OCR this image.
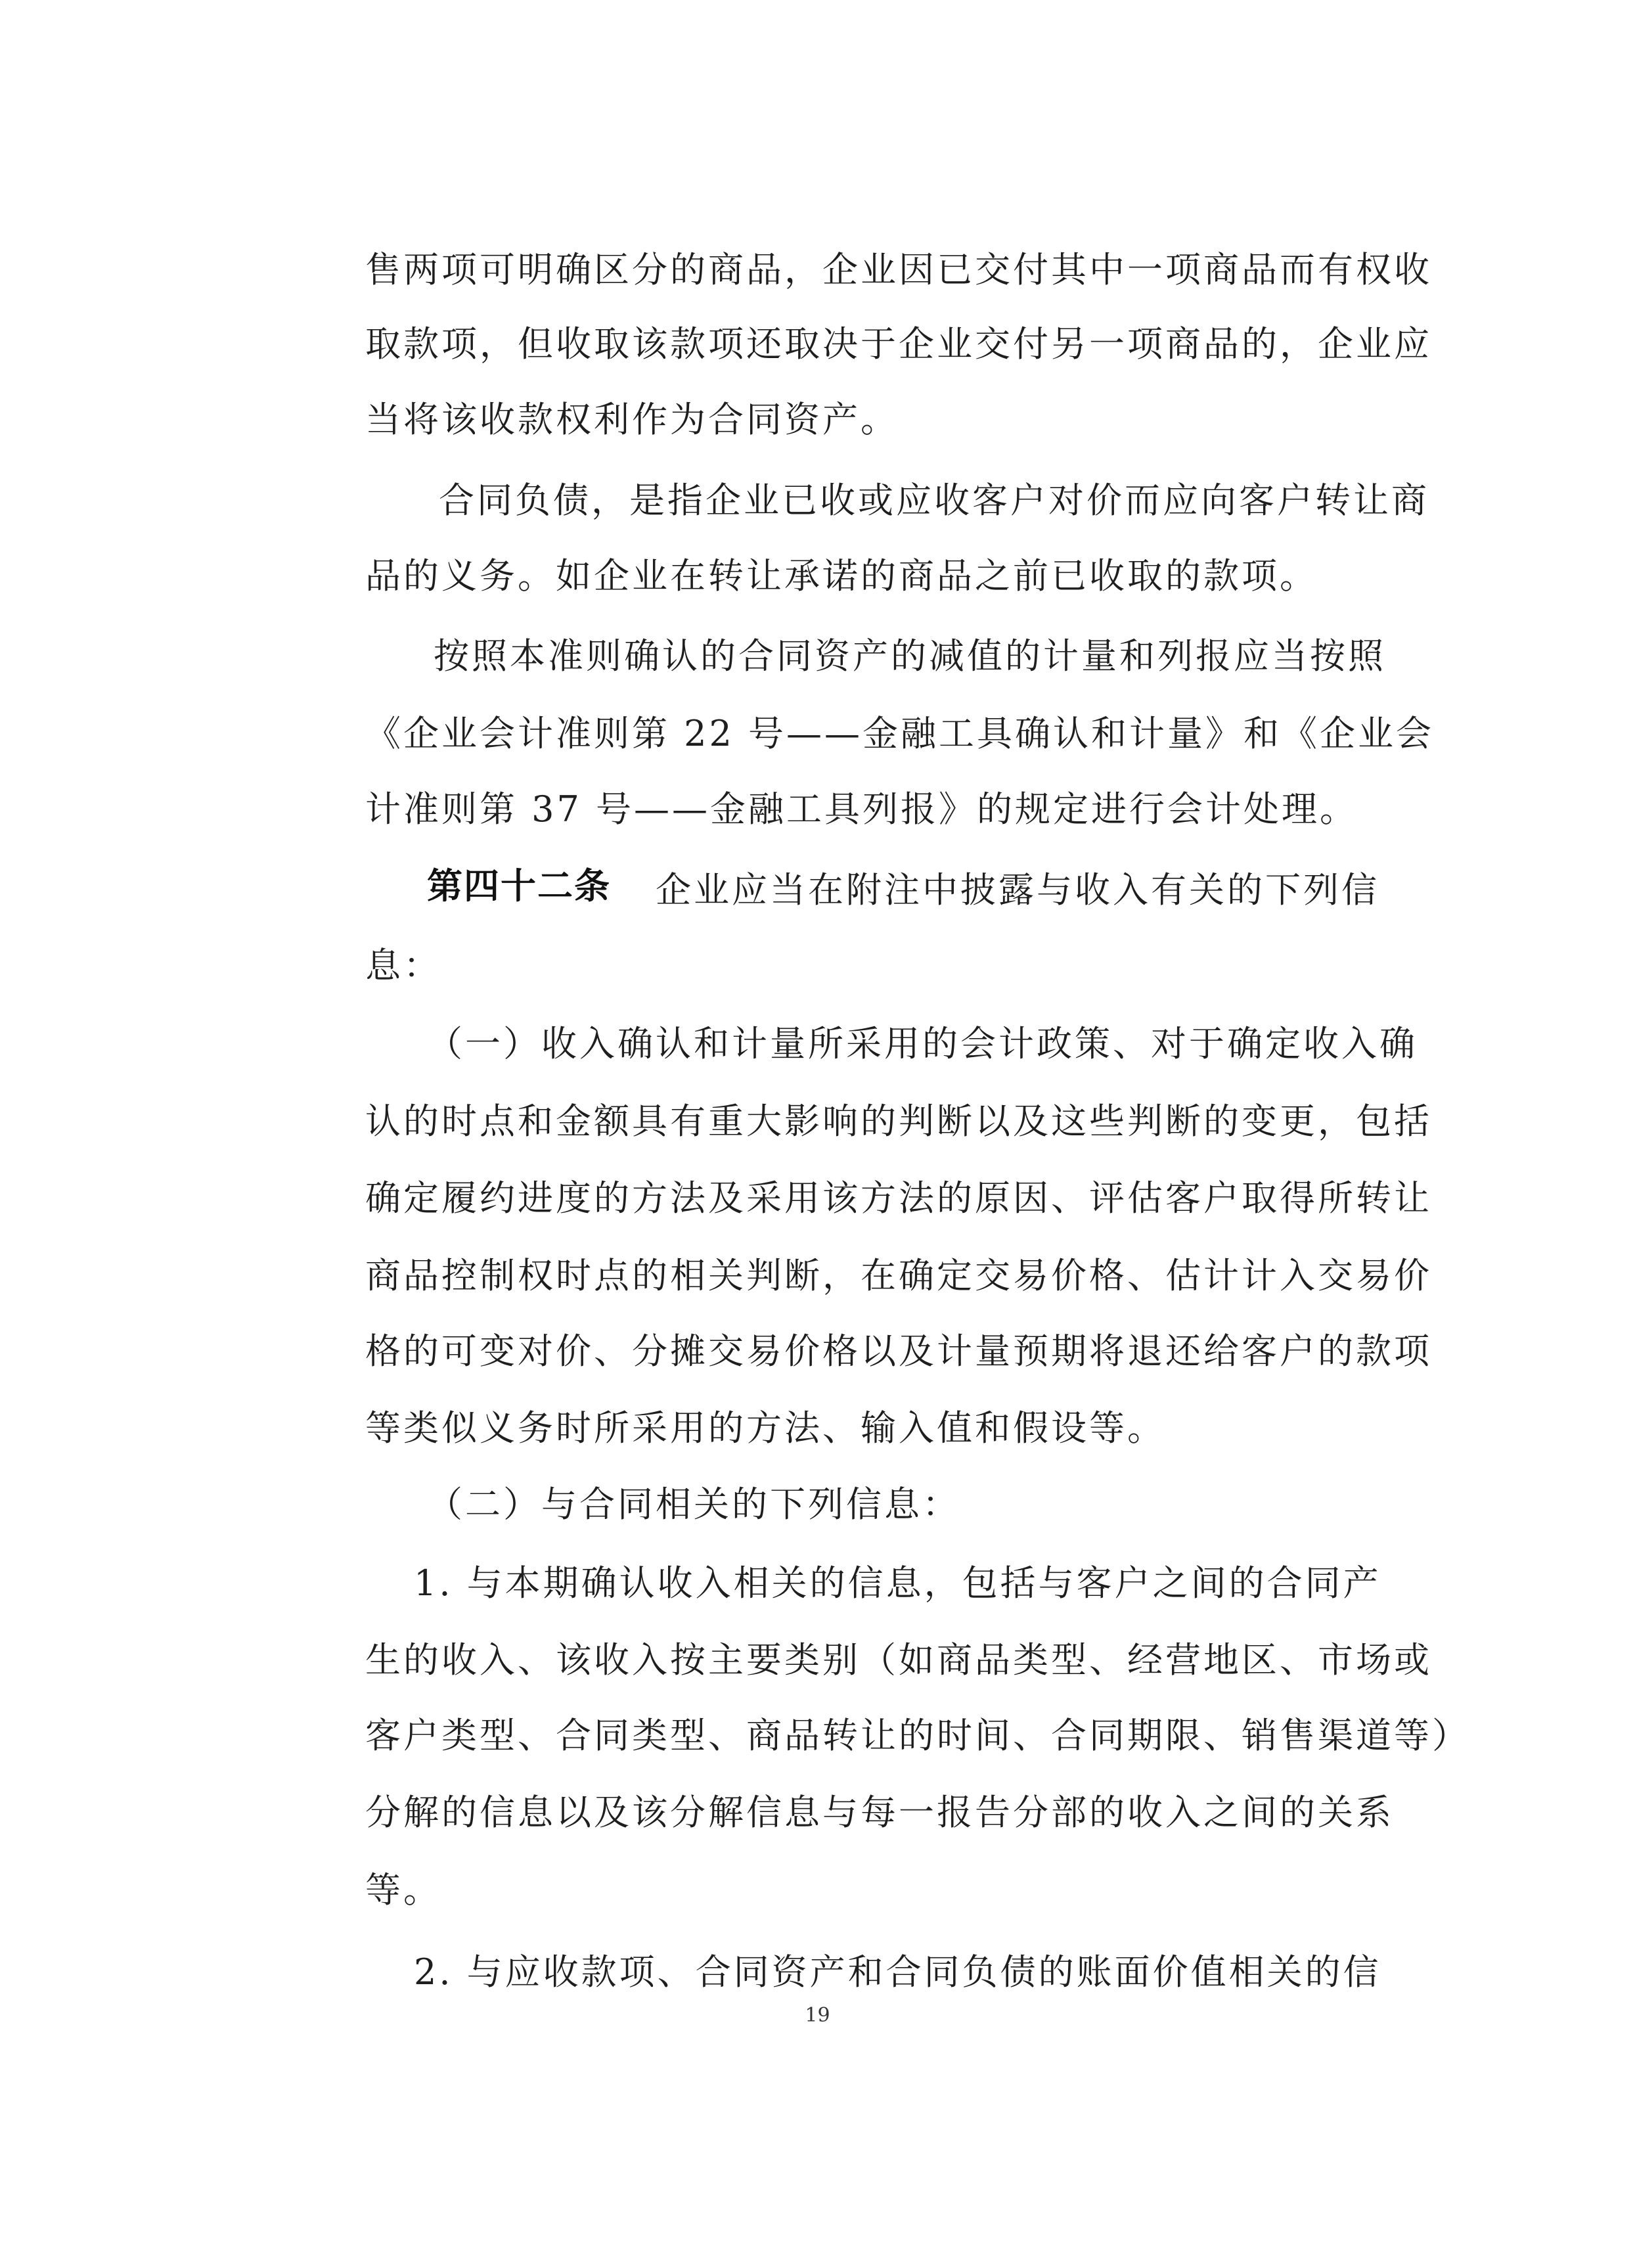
售两项可明确区分的商品，企业因已交付其中一项商品而有权收
取款项，但收取该款项还取决于企业交付另一项商品的，企业应
当将该收款权利作为合同资产。
合同负债，是指企业已收或应收客户对价而应向客户转让商
品的义务。如企业在转让承诺的商品之前已收取的款项。
按照本准则确认的合同资产的减值的计量和列报应当按照
《企业会计准则第 22 号——金融工具确认和计量》和《企业会
计准则第 37 号——金融工具列报》的规定进行会计处理。
第四十二条 企业应当在附注中披露与收入有关的下列信
息：
（一）收入确认和计量所采用的会计政策、对于确定收入确
认的时点和金额具有重大影响的判断以及这些判断的变更，包括
确定履约进度的方法及采用该方法的原因、评估客户取得所转让
商品控制权时点的相关判断，在确定交易价格、估计计入交易价
格的可变对价、分摊交易价格以及计量预期将退还给客户的款项
等类似义务时所采用的方法、输入值和假设等。
（二）与合同相关的下列信息：
1. 与本期确认收入相关的信息，包括与客户之间的合同产
生的收入、该收入按主要类别（如商品类型、经营地区、市场或
客户类型、合同类型、商品转让的时间、合同期限、销售渠道等）
分解的信息以及该分解信息与每一报告分部的收入之间的关系
等。
2. 与应收款项、合同资产和合同负债的账面价值相关的信
19
